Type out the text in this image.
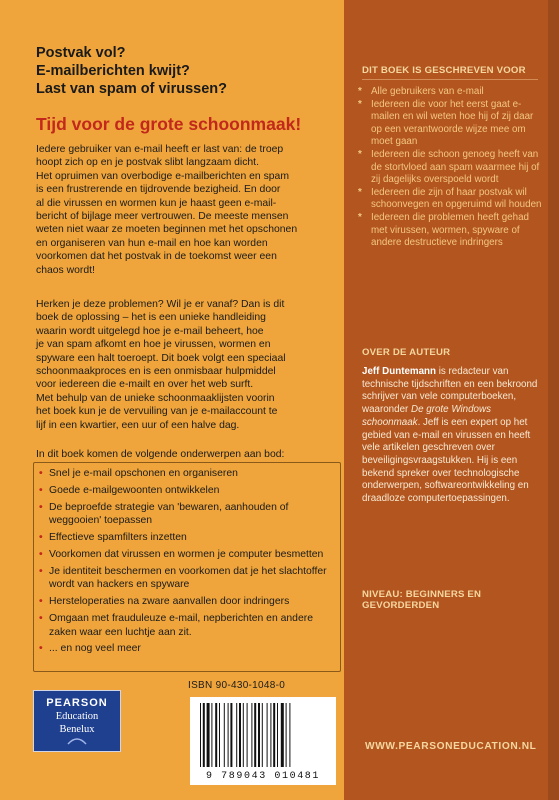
Postvak vol?
E-mailberichten kwijt?
Last van spam of virussen?
Tijd voor de grote schoonmaak!

Iedere gebruiker van e-mail heeft er last van: de troep

hoopt zich op en je postvak slibt langzaam dicht.

Het opruimen van overbodige e-mailberichten en spam

is een frustrerende en tijdrovende bezigheid. En door

al die virussen en wormen kun je haast geen e-mail-

bericht of bijlage meer vertrouwen. De meeste mensen

weten niet waar ze moeten beginnen met het opschonen

en organiseren van hun e-mail en hoe kan worden

voorkomen dat het postvak in de toekomst weer een

chaos wordt!

Herken je deze problemen? Wil je er vanaf? Dan is dit

boek de oplossing – het is een unieke handleiding

waarin wordt uitgelegd hoe je e-mail beheert, hoe

je van spam afkomt en hoe je virussen, wormen en

spyware een halt toeroept. Dit boek volgt een speciaal

schoonmaakproces en is een onmisbaar hulpmiddel

voor iedereen die e-mailt en over het web surft.

Met behulp van de unieke schoonmaaklijsten voorin

het boek kun je de vervuiling van je e-mailaccount te

lijf in een kwartier, een uur of een halve dag.

In dit boek komen de volgende onderwerpen aan bod:
• Snel je e-mail opschonen en organiseren
• Goede e-mailgewoonten ontwikkelen
• De beproefde strategie van 'bewaren, aanhouden of weggooien' toepassen
• Effectieve spamfilters inzetten
• Voorkomen dat virussen en wormen je computer besmetten
• Je identiteit beschermen en voorkomen dat je het slachtoffer wordt van hackers en spyware
• Hersteloperaties na zware aanvallen door indringers
• Omgaan met frauduleuze e-mail, nepberichten en andere zaken waar een luchtje aan zit.
• ... en nog veel meer
PEARSON
Education
Benelux
ISBN 90-430-1048-0
9 789043 010481
DIT BOEK IS GESCHREVEN VOOR
* Alle gebruikers van e-mail
* Iedereen die voor het eerst gaat e-mailen en wil weten hoe hij of zij daar op een verantwoorde wijze mee om moet gaan
* Iedereen die schoon genoeg heeft van de stortvloed aan spam waarmee hij of zij dagelijks overspoeld wordt
* Iedereen die zijn of haar postvak wil schoonvegen en opgeruimd wil houden
* Iedereen die problemen heeft gehad met virussen, wormen, spyware of andere destructieve indringers
OVER DE AUTEUR
Jeff Duntemann is redacteur van technische tijdschriften en een bekroond schrijver van vele computerboeken, waaronder De grote Windows schoonmaak. Jeff is een expert op het gebied van e-mail en virussen en heeft vele artikelen geschreven over beveiligingsvraagstukken. Hij is een bekend spreker over technologische onderwerpen, softwareontwikkeling en draadloze computertoepassingen.
NIVEAU: BEGINNERS EN GEVORDERDEN
WWW.PEARSONEDUCATION.NL
